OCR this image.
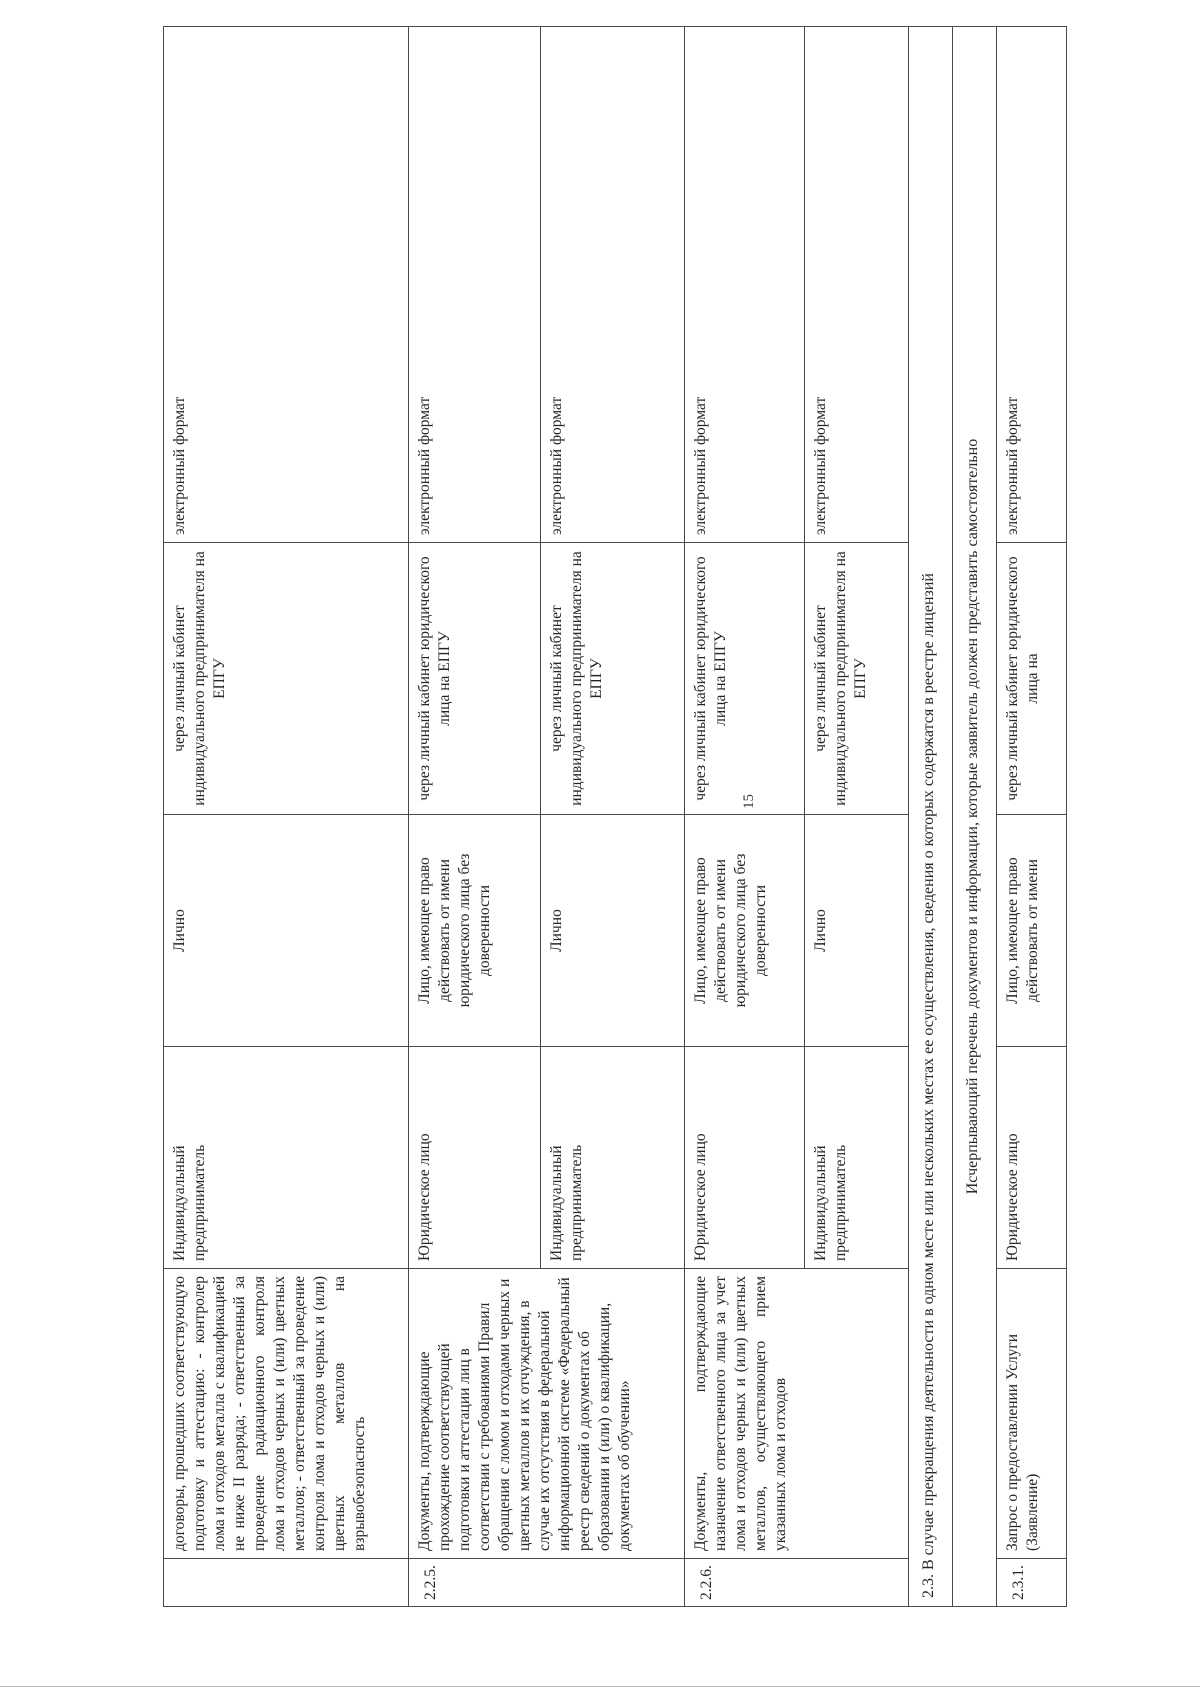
15
	договоры, прошедших соответствующую подготовку и аттестацию: - контролер лома и отходов металла с квалификацией не ниже II разряда; - ответственный за проведение радиационного контроля лома и отходов черных и (или) цветных металлов; - ответственный за проведение контроля лома и отходов черных и (или) цветных металлов на взрывобезопасность	Индивидуальный предприниматель	Лично	через личный кабинет индивидуального предпринимателя на ЕПГУ	электронный формат
2.2.5.	Документы, подтверждающие прохождение соответствующей подготовки и аттестации лиц в соответствии с требованиями Правил обращения с ломом и отходами черных и цветных металлов и их отчуждения, в случае их отсутствия в федеральной информационной системе «Федеральный реестр сведений о документах об образовании и (или) о квалификации, документах об обучении»	Юридическое лицо	Лицо, имеющее право действовать от имени юридического лица без доверенности	через личный кабинет юридического лица на ЕПГУ	электронный формат
		Индивидуальный предприниматель	Лично	через личный кабинет индивидуального предпринимателя на ЕПГУ	электронный формат
2.2.6.	Документы, подтверждающие назначение ответственного лица за учет лома и отходов черных и (или) цветных металлов, осуществляющего прием указанных лома и отходов	Юридическое лицо	Лицо, имеющее право действовать от имени юридического лица без доверенности	через личный кабинет юридического лица на ЕПГУ	электронный формат
		Индивидуальный предприниматель	Лично	через личный кабинет индивидуального предпринимателя на ЕПГУ	электронный формат
2.3. В случае прекращения деятельности в одном месте или нескольких местах ее осуществления, сведения о которых содержатся в реестре лицензий					
Исчерпывающий перечень документов и информации, которые заявитель должен представить самостоятельно					
2.3.1.	Запрос о предоставлении Услуги (Заявление)	Юридическое лицо	Лицо, имеющее право действовать от имени	через личный кабинет юридического лица на	электронный формат
